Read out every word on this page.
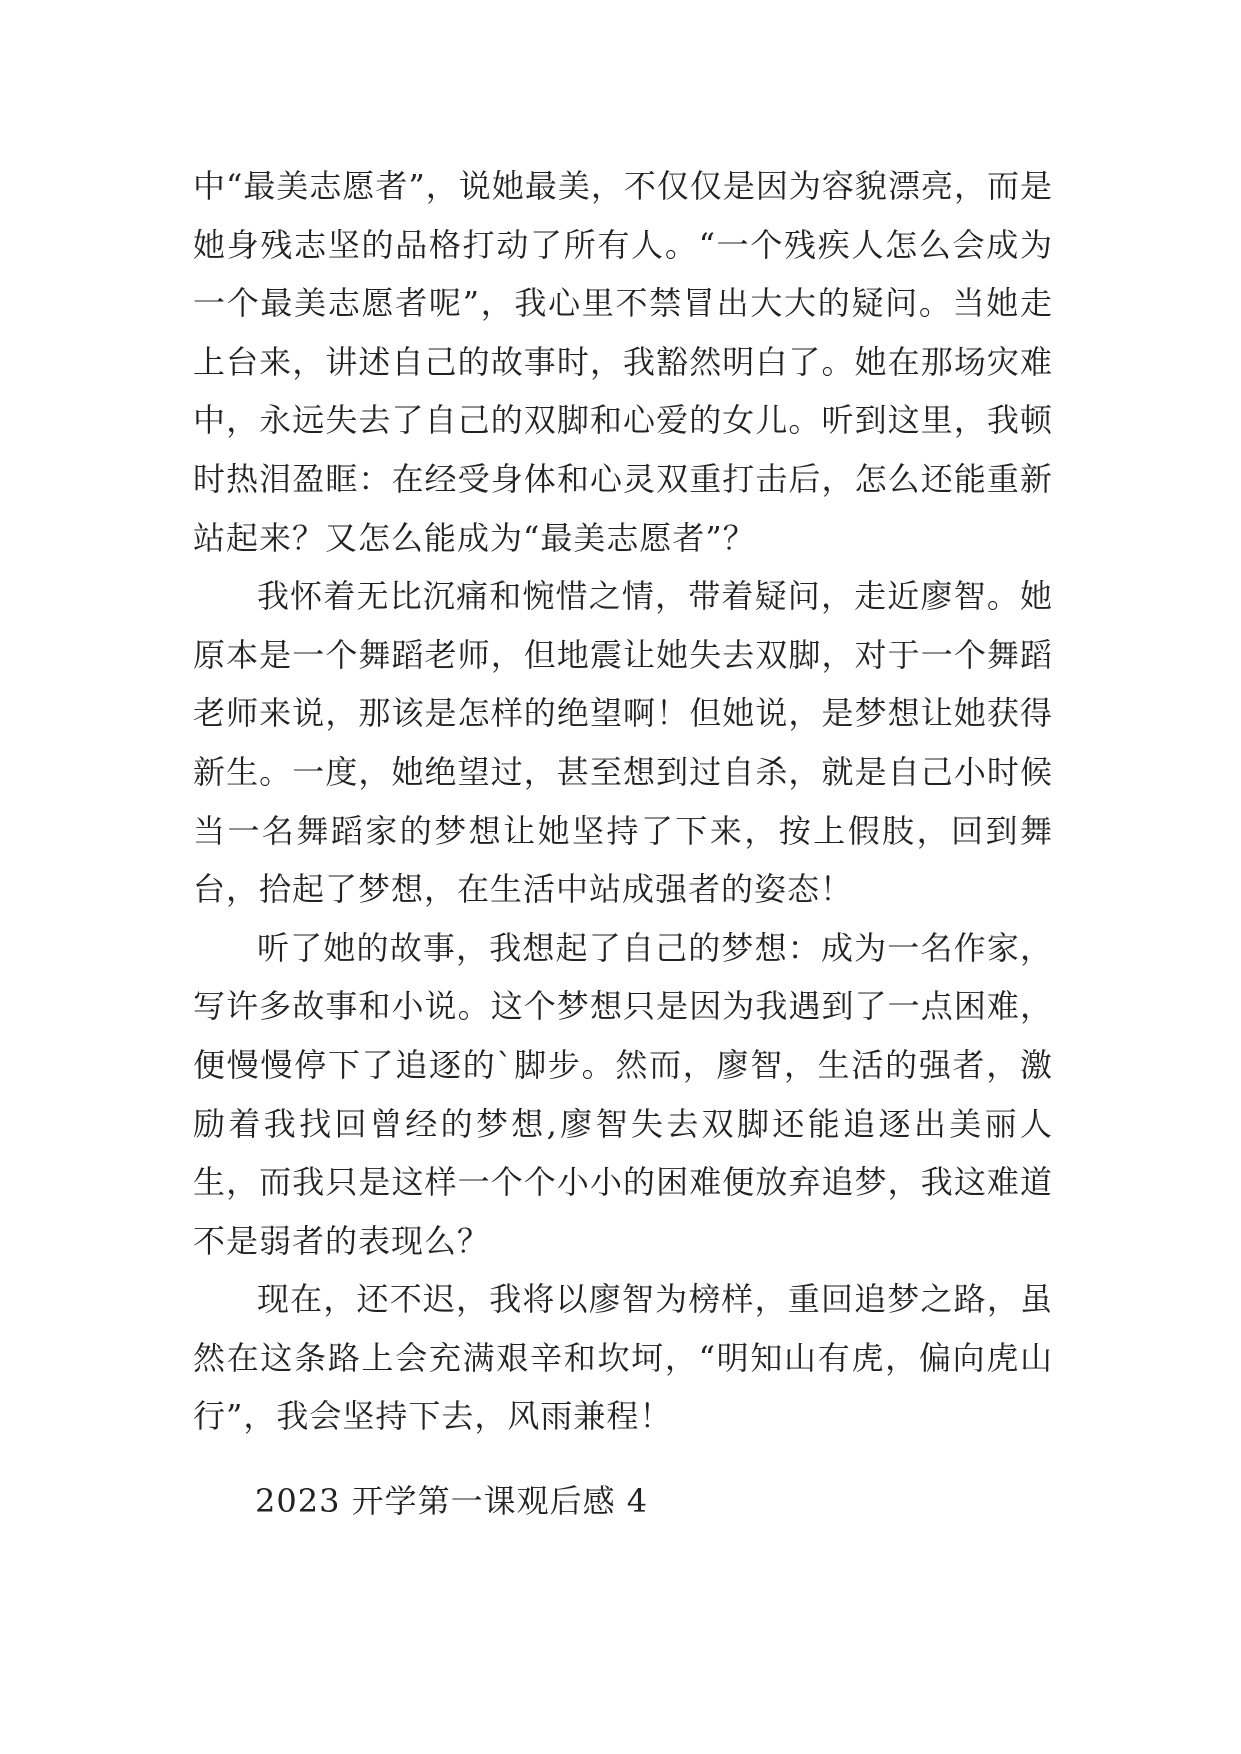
中“最美志愿者”，说她最美，不仅仅是因为容貌漂亮，而是她身残志坚的品格打动了所有人。“一个残疾人怎么会成为一个最美志愿者呢”，我心里不禁冒出大大的疑问。当她走上台来，讲述自己的故事时，我豁然明白了。她在那场灾难中，永远失去了自己的双脚和心爱的女儿。听到这里，我顿时热泪盈眶：在经受身体和心灵双重打击后，怎么还能重新站起来？又怎么能成为“最美志愿者”？

我怀着无比沉痛和惋惜之情，带着疑问，走近廖智。她原本是一个舞蹈老师，但地震让她失去双脚，对于一个舞蹈老师来说，那该是怎样的绝望啊！但她说，是梦想让她获得新生。一度，她绝望过，甚至想到过自杀，就是自己小时候当一名舞蹈家的梦想让她坚持了下来，按上假肢，回到舞台，拾起了梦想，在生活中站成强者的姿态！

听了她的故事，我想起了自己的梦想：成为一名作家，写许多故事和小说。这个梦想只是因为我遇到了一点困难，便慢慢停下了追逐的`脚步。然而，廖智，生活的强者，激励着我找回曾经的梦想,廖智失去双脚还能追逐出美丽人生，而我只是这样一个个小小的困难便放弃追梦，我这难道不是弱者的表现么？

现在，还不迟，我将以廖智为榜样，重回追梦之路，虽然在这条路上会充满艰辛和坎坷，“明知山有虎，偏向虎山行”，我会坚持下去，风雨兼程！

2023 开学第一课观后感 4
